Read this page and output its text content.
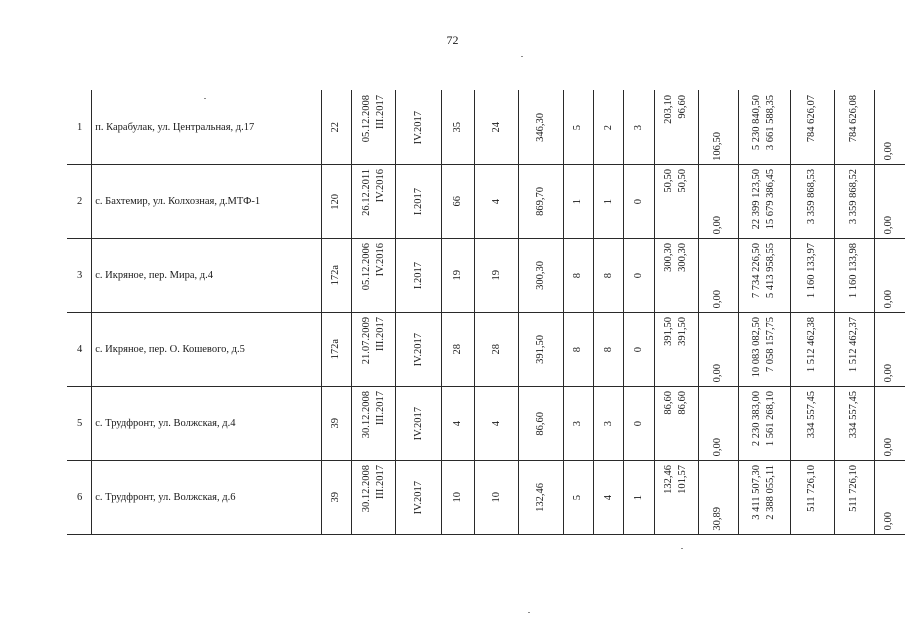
72
1	п. Карабулак, ул. Центральная, д.17	22	05.12.2008 III.2017	IV.2017	35	24	346,30	5	2	3	203,10 96,60	106,50	5 230 840,50 3 661 588,35	784 626,07	784 626,08	0,00

2	с. Бахтемир, ул. Колхозная, д.МТФ-1	120	26.12.2011 IV.2016	I.2017	66	4	869,70	1	1	0	50,50 50,50	0,00	22 399 123,50 15 679 386,45	3 359 868,53	3 359 868,52	0,00

3	с. Икряное, пер. Мира, д.4	172а	05.12.2006 IV.2016	I.2017	19	19	300,30	8	8	0	300,30 300,30	0,00	7 734 226,50 5 413 958,55	1 160 133,97	1 160 133,98	0,00

4	с. Икряное, пер. О. Кошевого, д.5	172а	21.07.2009 III.2017	IV.2017	28	28	391,50	8	8	0	391,50 391,50	0,00	10 083 082,50 7 058 157,75	1 512 462,38	1 512 462,37	0,00

5	с. Трудфронт, ул. Волжская, д.4	39	30.12.2008 III.2017	IV.2017	4	4	86,60	3	3	0	86,60 86,60	0,00	2 230 383,00 1 561 268,10	334 557,45	334 557,45	0,00

6	с. Трудфронт, ул. Волжская, д.6	39	30.12.2008 III.2017	IV.2017	10	10	132,46	5	4	1	132,46 101,57	30,89	3 411 507,30 2 388 055,11	511 726,10	511 726,10	0,00
